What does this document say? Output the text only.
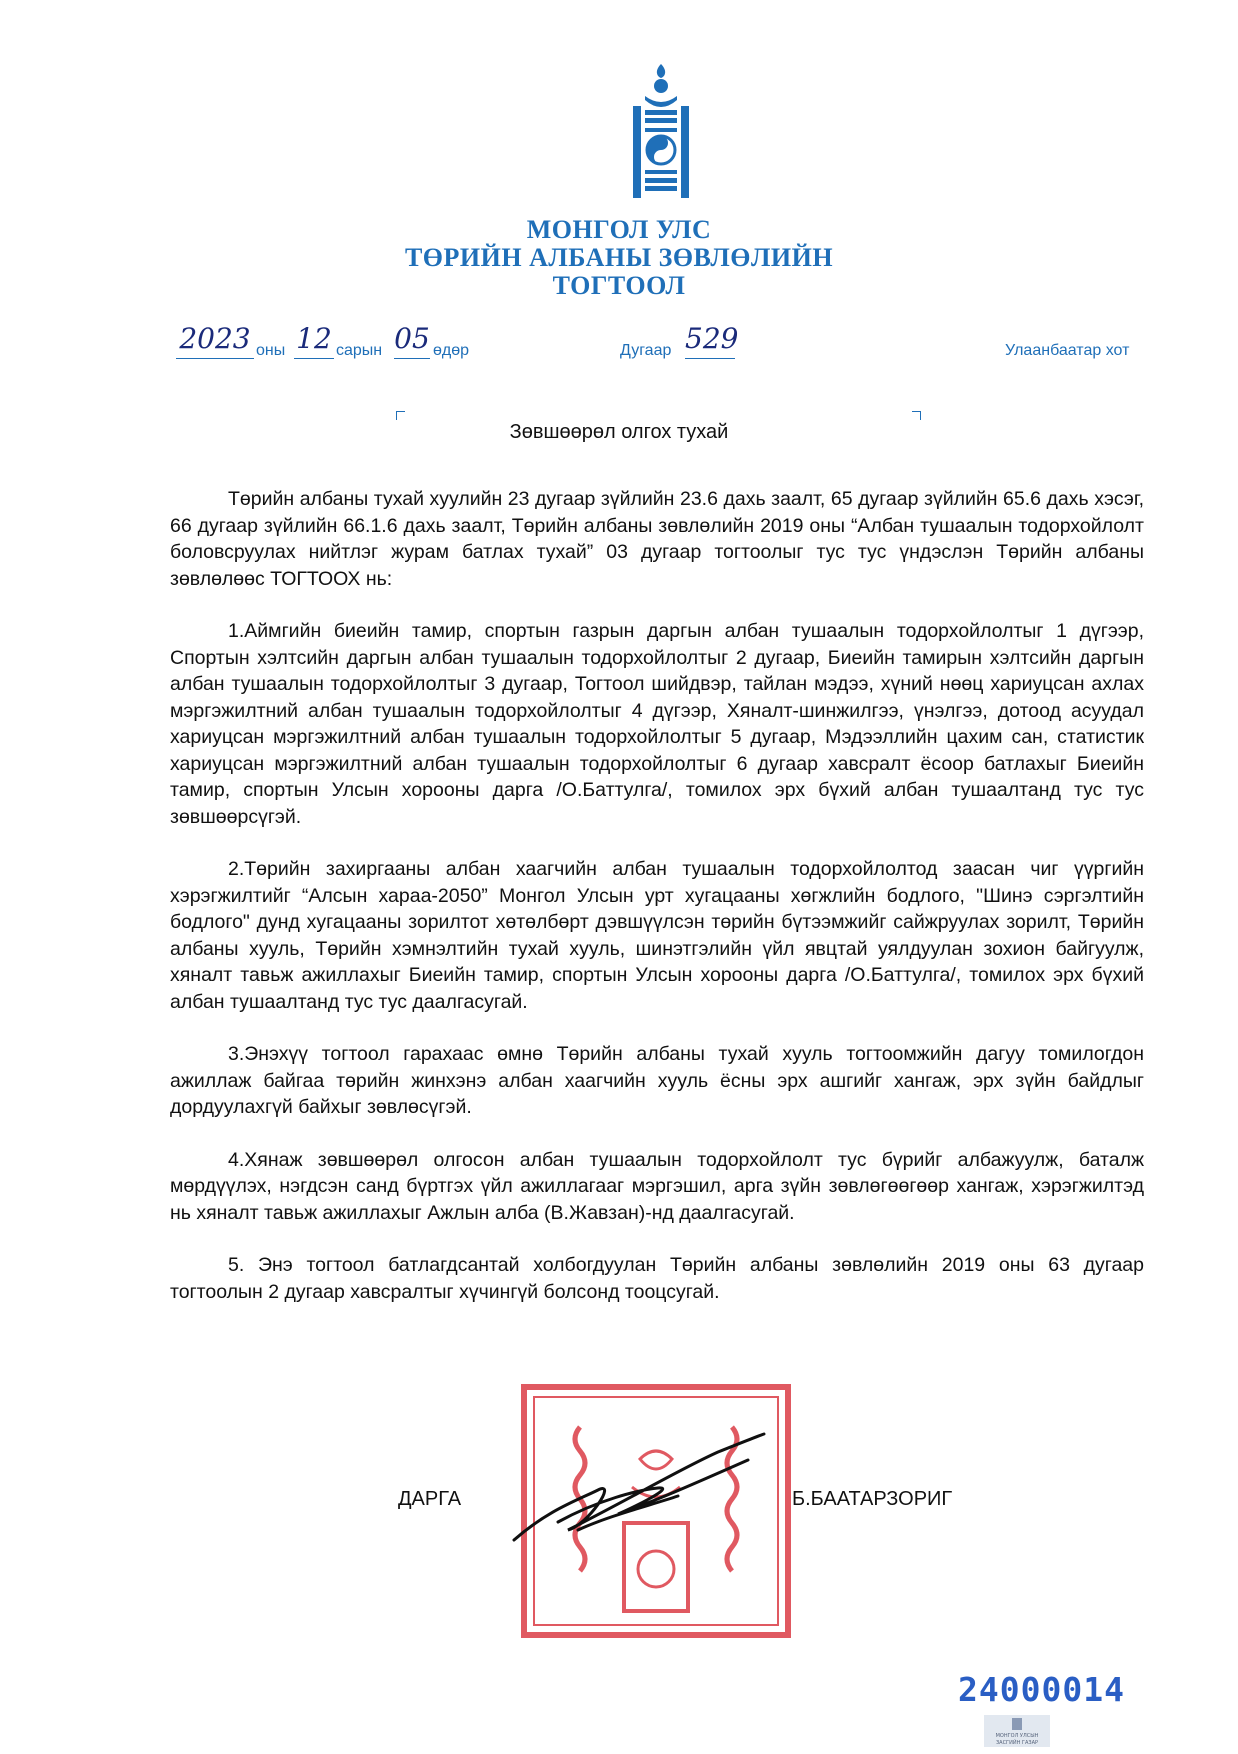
МОНГОЛ УЛС
ТӨРИЙН АЛБАНЫ ЗӨВЛӨЛИЙН
ТОГТООЛ
2023 оны 12 сарын 05 өдөр	Дугаар 529	Улаанбаатар хот
Зөвшөөрөл олгох тухай

Төрийн албаны тухай хуулийн 23 дугаар зүйлийн 23.6 дахь заалт, 65 дугаар зүйлийн 65.6 дахь хэсэг, 66 дугаар зүйлийн 66.1.6 дахь заалт, Төрийн албаны зөвлөлийн 2019 оны “Албан тушаалын тодорхойлолт боловсруулах нийтлэг журам батлах тухай” 03 дугаар тогтоолыг тус тус үндэслэн Төрийн албаны зөвлөлөөс ТОГТООХ нь:

1.Аймгийн биеийн тамир, спортын газрын даргын албан тушаалын тодорхойлолтыг 1 дүгээр, Спортын хэлтсийн даргын албан тушаалын тодорхойлолтыг 2 дугаар, Биеийн тамирын хэлтсийн даргын албан тушаалын тодорхойлолтыг 3 дугаар, Тогтоол шийдвэр, тайлан мэдээ, хүний нөөц хариуцсан ахлах мэргэжилтний албан тушаалын тодорхойлолтыг 4 дүгээр, Хяналт-шинжилгээ, үнэлгээ, дотоод асуудал хариуцсан мэргэжилтний албан тушаалын тодорхойлолтыг 5 дугаар, Мэдээллийн цахим сан, статистик хариуцсан мэргэжилтний албан тушаалын тодорхойлолтыг 6 дугаар хавсралт ёсоор батлахыг Биеийн тамир, спортын Улсын хорооны дарга /О.Баттулга/, томилох эрх бүхий албан тушаалтанд тус тус зөвшөөрсүгэй.

2.Төрийн захиргааны албан хаагчийн албан тушаалын тодорхойлолтод заасан чиг үүргийн хэрэгжилтийг “Алсын хараа-2050” Монгол Улсын урт хугацааны хөгжлийн бодлого, "Шинэ сэргэлтийн бодлого" дунд хугацааны зорилтот хөтөлбөрт дэвшүүлсэн төрийн бүтээмжийг сайжруулах зорилт, Төрийн албаны хууль, Төрийн хэмнэлтийн тухай хууль, шинэтгэлийн үйл явцтай уялдуулан зохион байгуулж, хяналт тавьж ажиллахыг Биеийн тамир, спортын Улсын хорооны дарга /О.Баттулга/, томилох эрх бүхий албан тушаалтанд тус тус даалгасугай.

3.Энэхүү тогтоол гарахаас өмнө Төрийн албаны тухай хууль тогтоомжийн дагуу томилогдон ажиллаж байгаа төрийн жинхэнэ албан хаагчийн хууль ёсны эрх ашгийг хангаж, эрх зүйн байдлыг дордуулахгүй байхыг зөвлөсүгэй.

4.Хянаж зөвшөөрөл олгосон албан тушаалын тодорхойлолт тус бүрийг албажуулж, баталж мөрдүүлэх, нэгдсэн санд бүртгэх үйл ажиллагааг мэргэшил, арга зүйн зөвлөгөөгөөр хангаж, хэрэгжилтэд нь хяналт тавьж ажиллахыг Ажлын алба (В.Жавзан)-нд даалгасугай.

5. Энэ тогтоол батлагдсантай холбогдуулан Төрийн албаны зөвлөлийн 2019 оны 63 дугаар тогтоолын 2 дугаар хавсралтыг хүчингүй болсонд тооцсугай.

ДАРГА	Б.БААТАРЗОРИГ
24000014
МОНГОЛ УЛСЫН
ЗАСГИЙН ГАЗАР
